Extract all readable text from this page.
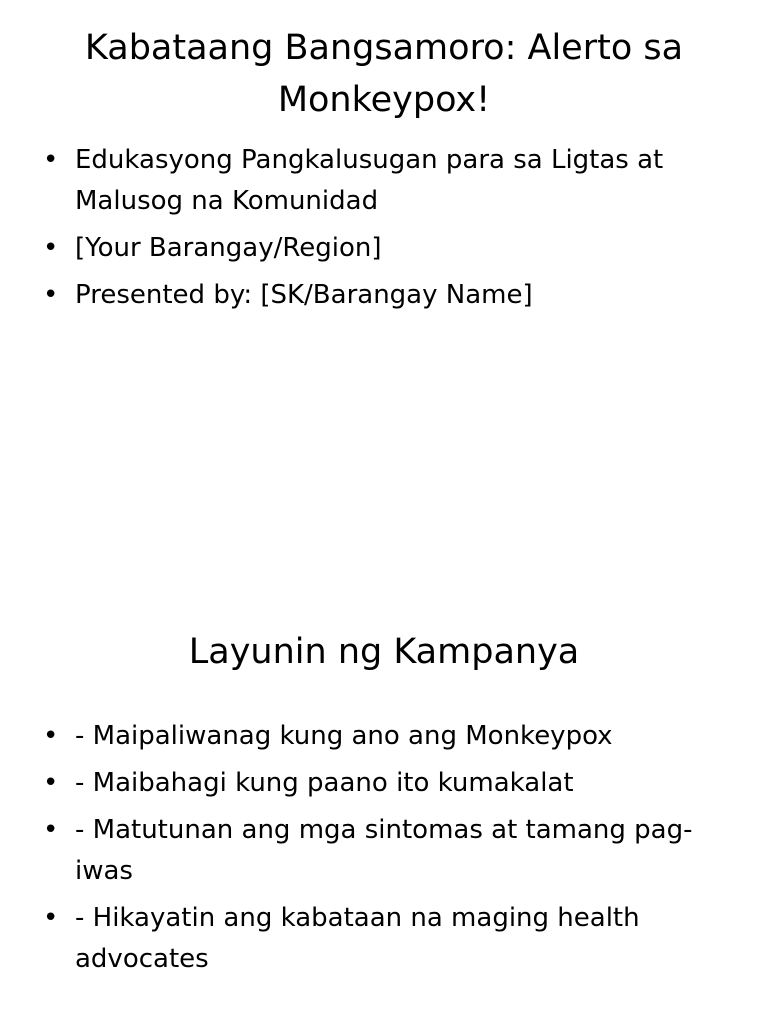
Kabataang Bangsamoro: Alerto sa Monkeypox!
• Edukasyong Pangkalusugan para sa Ligtas at Malusog na Komunidad
• [Your Barangay/Region]
• Presented by: [SK/Barangay Name]
Layunin ng Kampanya
• - Maipaliwanag kung ano ang Monkeypox
• - Maibahagi kung paano ito kumakalat
• - Matutunan ang mga sintomas at tamang pag-iwas
• - Hikayatin ang kabataan na maging health advocates
